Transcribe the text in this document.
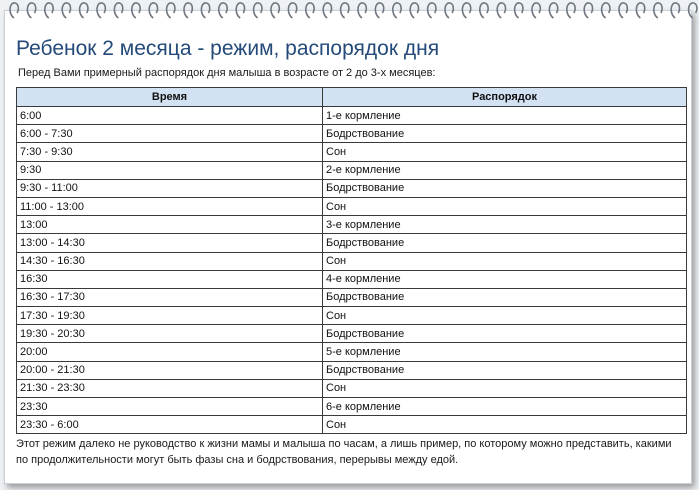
Ребенок 2 месяца - режим, распорядок дня
Перед Вами примерный распорядок дня малыша в возрасте от 2 до 3-х месяцев:
Время	Распорядок
6:00	1-е кормление
6:00 - 7:30	Бодрствование
7:30 - 9:30	Сон
9:30	2-е кормление
9:30 - 11:00	Бодрствование
11:00 - 13:00	Сон
13:00	3-е кормление
13:00 - 14:30	Бодрствование
14:30 - 16:30	Сон
16:30	4-е кормление
16:30 - 17:30	Бодрствование
17:30 - 19:30	Сон
19:30 - 20:30	Бодрствование
20:00	5-е кормление
20:00 - 21:30	Бодрствование
21:30 - 23:30	Сон
23:30	6-е кормление
23:30 - 6:00	Сон
Этот режим далеко не руководство к жизни мамы и малыша по часам, а лишь пример, по которому можно представить, какими по продолжительности могут быть фазы сна и бодрствования, перерывы между едой.
